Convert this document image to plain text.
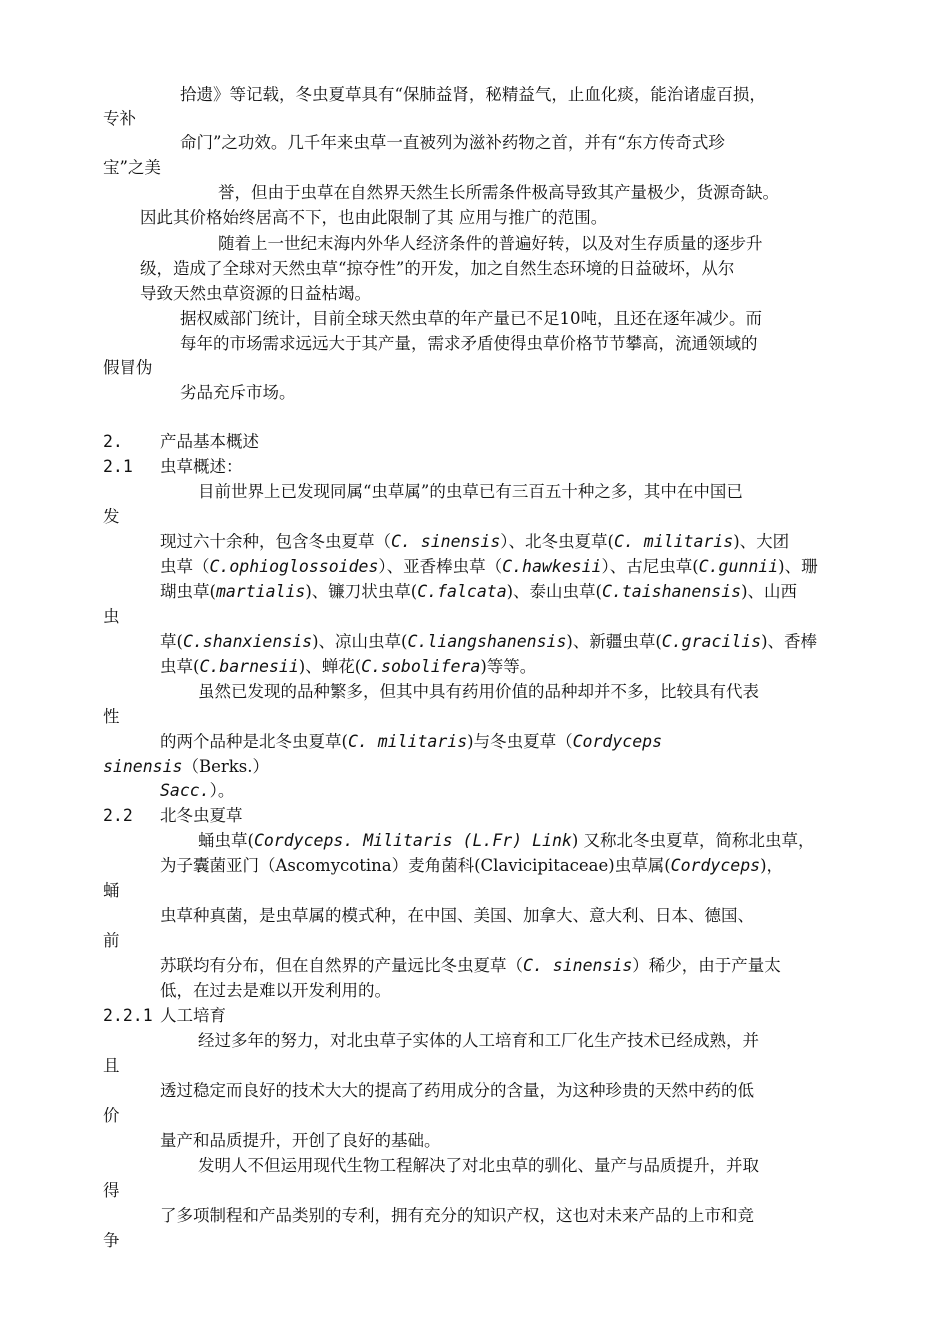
拾遗》等记载，冬虫夏草具有“保肺益肾，秘精益气，止血化痰，能治诸虚百损，
专补
命门”之功效。几千年来虫草一直被列为滋补药物之首，并有“东方传奇式珍
宝”之美
誉，但由于虫草在自然界天然生长所需条件极高导致其产量极少，货源奇缺。
因此其价格始终居高不下，也由此限制了其 应用与推广的范围。
随着上一世纪末海内外华人经济条件的普遍好转，以及对生存质量的逐步升
级，造成了全球对天然虫草“掠夺性”的开发，加之自然生态环境的日益破坏，从尔
导致天然虫草资源的日益枯竭。
据权威部门统计，目前全球天然虫草的年产量已不足10吨，且还在逐年减少。而
每年的市场需求远远大于其产量，需求矛盾使得虫草价格节节攀高，流通领域的
假冒伪
劣品充斥市场。
2. 产品基本概述
2.1 虫草概述：
目前世界上已发现同属“虫草属”的虫草已有三百五十种之多，其中在中国已
发
现过六十余种，包含冬虫夏草（C. sinensis）、北冬虫夏草(C. militaris)、大团
虫草（C.ophioglossoides）、亚香棒虫草（C.hawkesii）、古尼虫草(C.gunnii)、珊
瑚虫草(martialis)、镰刀状虫草(C.falcata)、泰山虫草(C.taishanensis)、山西
虫
草(C.shanxiensis)、凉山虫草(C.liangshanensis)、新疆虫草(C.gracilis)、香棒
虫草(C.barnesii)、蝉花(C.sobolifera)等等。
虽然已发现的品种繁多，但其中具有药用价值的品种却并不多，比较具有代表
性
的两个品种是北冬虫夏草(C. militaris)与冬虫夏草（Cordyceps
sinensis（Berks.）
Sacc.）。
2.2 北冬虫夏草
蛹虫草(Cordyceps. Militaris (L.Fr) Link) 又称北冬虫夏草，简称北虫草，
为子囊菌亚门（Ascomycotina）麦角菌科(Clavicipitaceae)虫草属(Cordyceps)，
蛹
虫草种真菌，是虫草属的模式种，在中国、美国、加拿大、意大利、日本、德国、
前
苏联均有分布，但在自然界的产量远比冬虫夏草（C. sinensis）稀少，由于产量太
低，在过去是难以开发利用的。
2.2.1 人工培育
经过多年的努力，对北虫草子实体的人工培育和工厂化生产技术已经成熟，并
且
透过稳定而良好的技术大大的提高了药用成分的含量，为这种珍贵的天然中药的低
价
量产和品质提升，开创了良好的基础。
发明人不但运用现代生物工程解决了对北虫草的驯化、量产与品质提升，并取
得
了多项制程和产品类别的专利，拥有充分的知识产权，这也对未来产品的上市和竞
争
